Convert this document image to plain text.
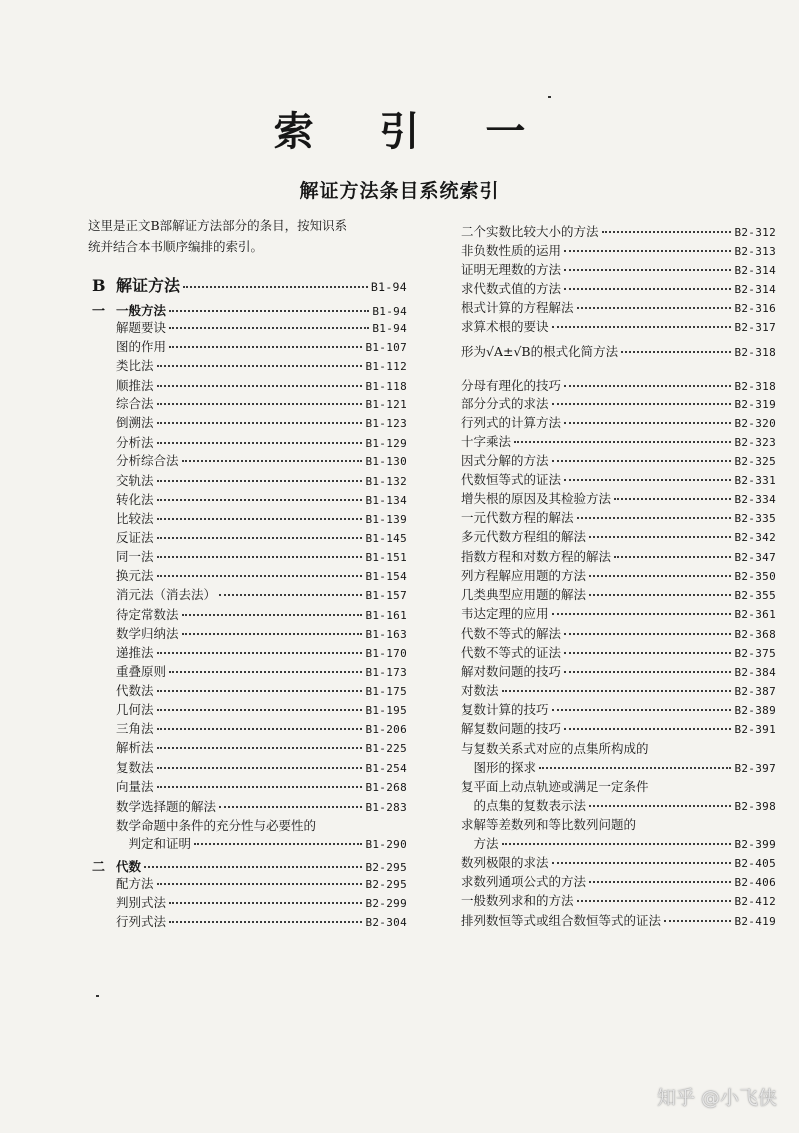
索 引 一
解证方法条目系统索引
这里是正文B部解证方法部分的条目，按知识系
统并结合本书顺序编排的索引。
B 解证方法	B1-94
一 一般方法	B1-94
解题要诀	B1-94
图的作用	B1-107
类比法	B1-112
顺推法	B1-118
综合法	B1-121
倒溯法	B1-123
分析法	B1-129
分析综合法	B1-130
交轨法	B1-132
转化法	B1-134
比较法	B1-139
反证法	B1-145
同一法	B1-151
换元法	B1-154
消元法（消去法）	B1-157
待定常数法	B1-161
数学归纳法	B1-163
递推法	B1-170
重叠原则	B1-173
代数法	B1-175
几何法	B1-195
三角法	B1-206
解析法	B1-225
复数法	B1-254
向量法	B1-268
数学选择题的解法	B1-283
数学命题中条件的充分性与必要性的
　判定和证明	B1-290
二 代数	B2-295
配方法	B2-295
判别式法	B2-299
行列式法	B2-304
二个实数比较大小的方法	B2-312
非负数性质的运用	B2-313
证明无理数的方法	B2-314
求代数式值的方法	B2-314
根式计算的方程解法	B2-316
求算术根的要诀	B2-317
形为√A±√B的根式化简方法	B2-318
分母有理化的技巧	B2-318
部分分式的求法	B2-319
行列式的计算方法	B2-320
十字乘法	B2-323
因式分解的方法	B2-325
代数恒等式的证法	B2-331
增失根的原因及其检验方法	B2-334
一元代数方程的解法	B2-335
多元代数方程组的解法	B2-342
指数方程和对数方程的解法	B2-347
列方程解应用题的方法	B2-350
几类典型应用题的解法	B2-355
韦达定理的应用	B2-361
代数不等式的解法	B2-368
代数不等式的证法	B2-375
解对数问题的技巧	B2-384
对数法	B2-387
复数计算的技巧	B2-389
解复数问题的技巧	B2-391
与复数关系式对应的点集所构成的
　图形的探求	B2-397
复平面上动点轨迹或满足一定条件
　的点集的复数表示法	B2-398
求解等差数列和等比数列问题的
　方法	B2-399
数列极限的求法	B2-405
求数列通项公式的方法	B2-406
一般数列求和的方法	B2-412
排列数恒等式或组合数恒等式的证法	B2-419
知乎 @小飞侠
